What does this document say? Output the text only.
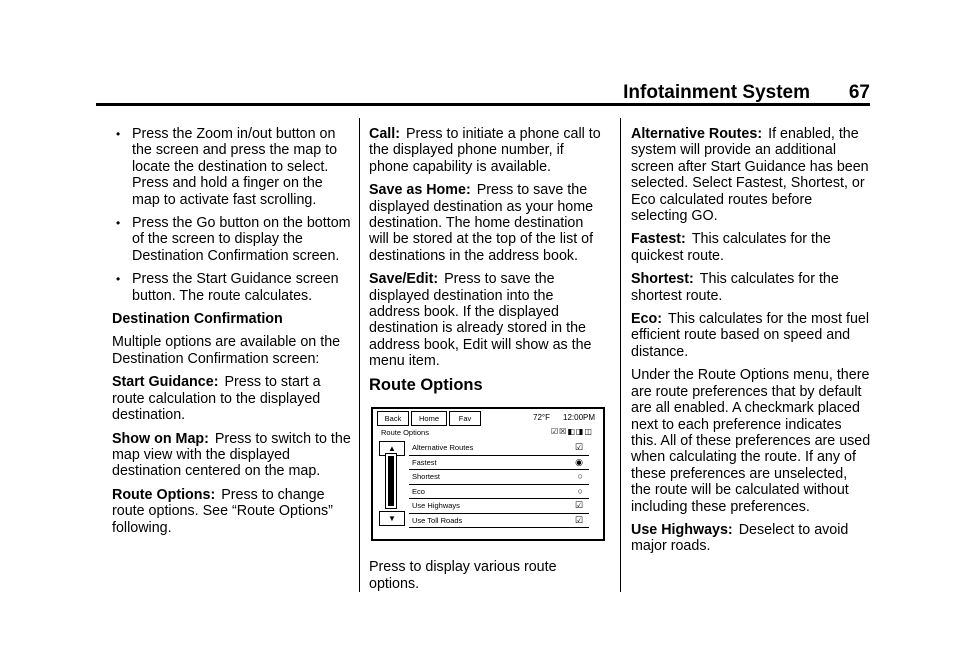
Infotainment System 67
• Press the Zoom in/out button on the screen and press the map to locate the destination to select. Press and hold a finger on the map to activate fast scrolling.
• Press the Go button on the bottom of the screen to display the Destination Confirmation screen.
• Press the Start Guidance screen button. The route calculates.
Destination Confirmation

Multiple options are available on the Destination Confirmation screen:

Start Guidance: Press to start a route calculation to the displayed destination.

Show on Map: Press to switch to the map view with the displayed destination centered on the map.

Route Options: Press to change route options. See “Route Options” following.

Call: Press to initiate a phone call to the displayed phone number, if phone capability is available.

Save as Home: Press to save the displayed destination as your home destination. The home destination will be stored at the top of the list of destinations in the address book.

Save/Edit: Press to save the displayed destination into the address book. If the displayed destination is already stored in the address book, Edit will show as the menu item.

Route Options
Back	Home	Fav	72°F 12:00PM
Route Options	☑☒◧◨◫
▲
▼
Alternative Routes	☑
Fastest	◉
Shortest	○
Eco	○
Use Highways	☑
Use Toll Roads	☑

Press to display various route options.

Alternative Routes: If enabled, the system will provide an additional screen after Start Guidance has been selected. Select Fastest, Shortest, or Eco calculated routes before selecting GO.

Fastest: This calculates for the quickest route.

Shortest: This calculates for the shortest route.

Eco: This calculates for the most fuel efficient route based on speed and distance.

Under the Route Options menu, there are route preferences that by default are all enabled. A checkmark placed next to each preference indicates this. All of these preferences are used when calculating the route. If any of these preferences are unselected, the route will be calculated without including these preferences.

Use Highways: Deselect to avoid major roads.
